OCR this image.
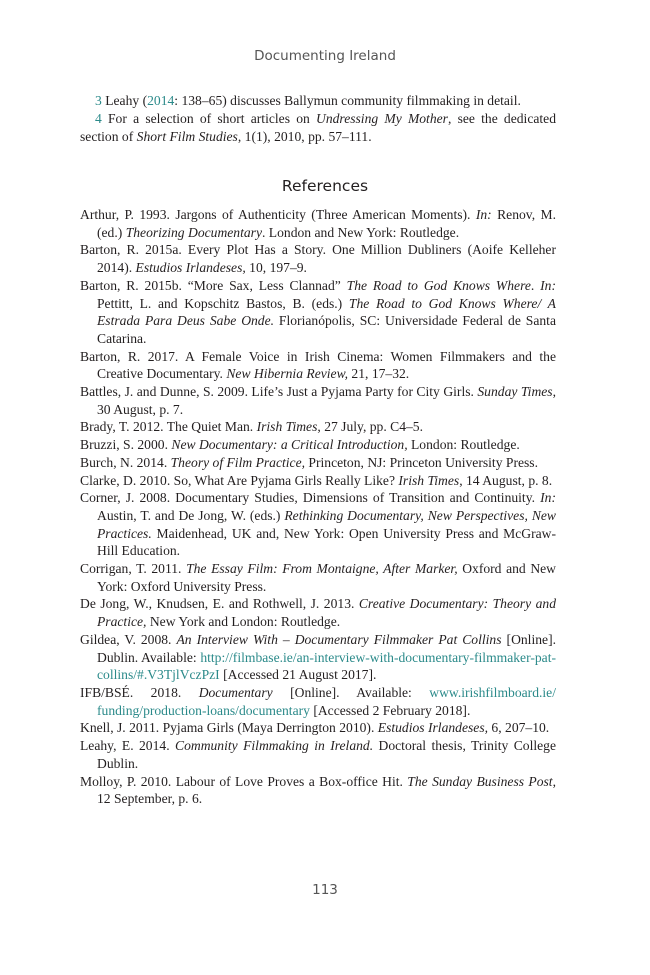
Documenting Ireland
3 Leahy (2014: 138–65) discusses Ballymun community filmmaking in detail.
4 For a selection of short articles on Undressing My Mother, see the dedicated section of Short Film Studies, 1(1), 2010, pp. 57–111.
References
Arthur, P. 1993. Jargons of Authenticity (Three American Moments). In: Renov, M. (ed.) Theorizing Documentary. London and New York: Routledge.
Barton, R. 2015a. Every Plot Has a Story. One Million Dubliners (Aoife Kelleher 2014). Estudios Irlandeses, 10, 197–9.
Barton, R. 2015b. “More Sax, Less Clannad” The Road to God Knows Where. In: Pettitt, L. and Kopschitz Bastos, B. (eds.) The Road to God Knows Where/ A Estrada Para Deus Sabe Onde. Florianópolis, SC: Universidade Federal de Santa Catarina.
Barton, R. 2017. A Female Voice in Irish Cinema: Women Filmmakers and the Creative Documentary. New Hibernia Review, 21, 17–32.
Battles, J. and Dunne, S. 2009. Life’s Just a Pyjama Party for City Girls. Sunday Times, 30 August, p. 7.
Brady, T. 2012. The Quiet Man. Irish Times, 27 July, pp. C4–5.
Bruzzi, S. 2000. New Documentary: a Critical Introduction, London: Routledge.
Burch, N. 2014. Theory of Film Practice, Princeton, NJ: Princeton University Press.
Clarke, D. 2010. So, What Are Pyjama Girls Really Like? Irish Times, 14 August, p. 8.
Corner, J. 2008. Documentary Studies, Dimensions of Transition and Continuity. In: Austin, T. and De Jong, W. (eds.) Rethinking Documentary, New Perspectives, New Practices. Maidenhead, UK and, New York: Open University Press and McGraw-Hill Education.
Corrigan, T. 2011. The Essay Film: From Montaigne, After Marker, Oxford and New York: Oxford University Press.
De Jong, W., Knudsen, E. and Rothwell, J. 2013. Creative Documentary: Theory and Practice, New York and London: Routledge.
Gildea, V. 2008. An Interview With – Documentary Filmmaker Pat Collins [Online]. Dublin. Available: http://filmbase.ie/an-interview-with-documentary-filmmaker-pat-collins/#.V3TjlVczPzI [Accessed 21 August 2017].
IFB/BSÉ. 2018. Documentary [Online]. Available: www.irishfilmboard.ie/ funding/production-loans/documentary [Accessed 2 February 2018].
Knell, J. 2011. Pyjama Girls (Maya Derrington 2010). Estudios Irlandeses, 6, 207–10.
Leahy, E. 2014. Community Filmmaking in Ireland. Doctoral thesis, Trinity College Dublin.
Molloy, P. 2010. Labour of Love Proves a Box-office Hit. The Sunday Business Post, 12 September, p. 6.
113
